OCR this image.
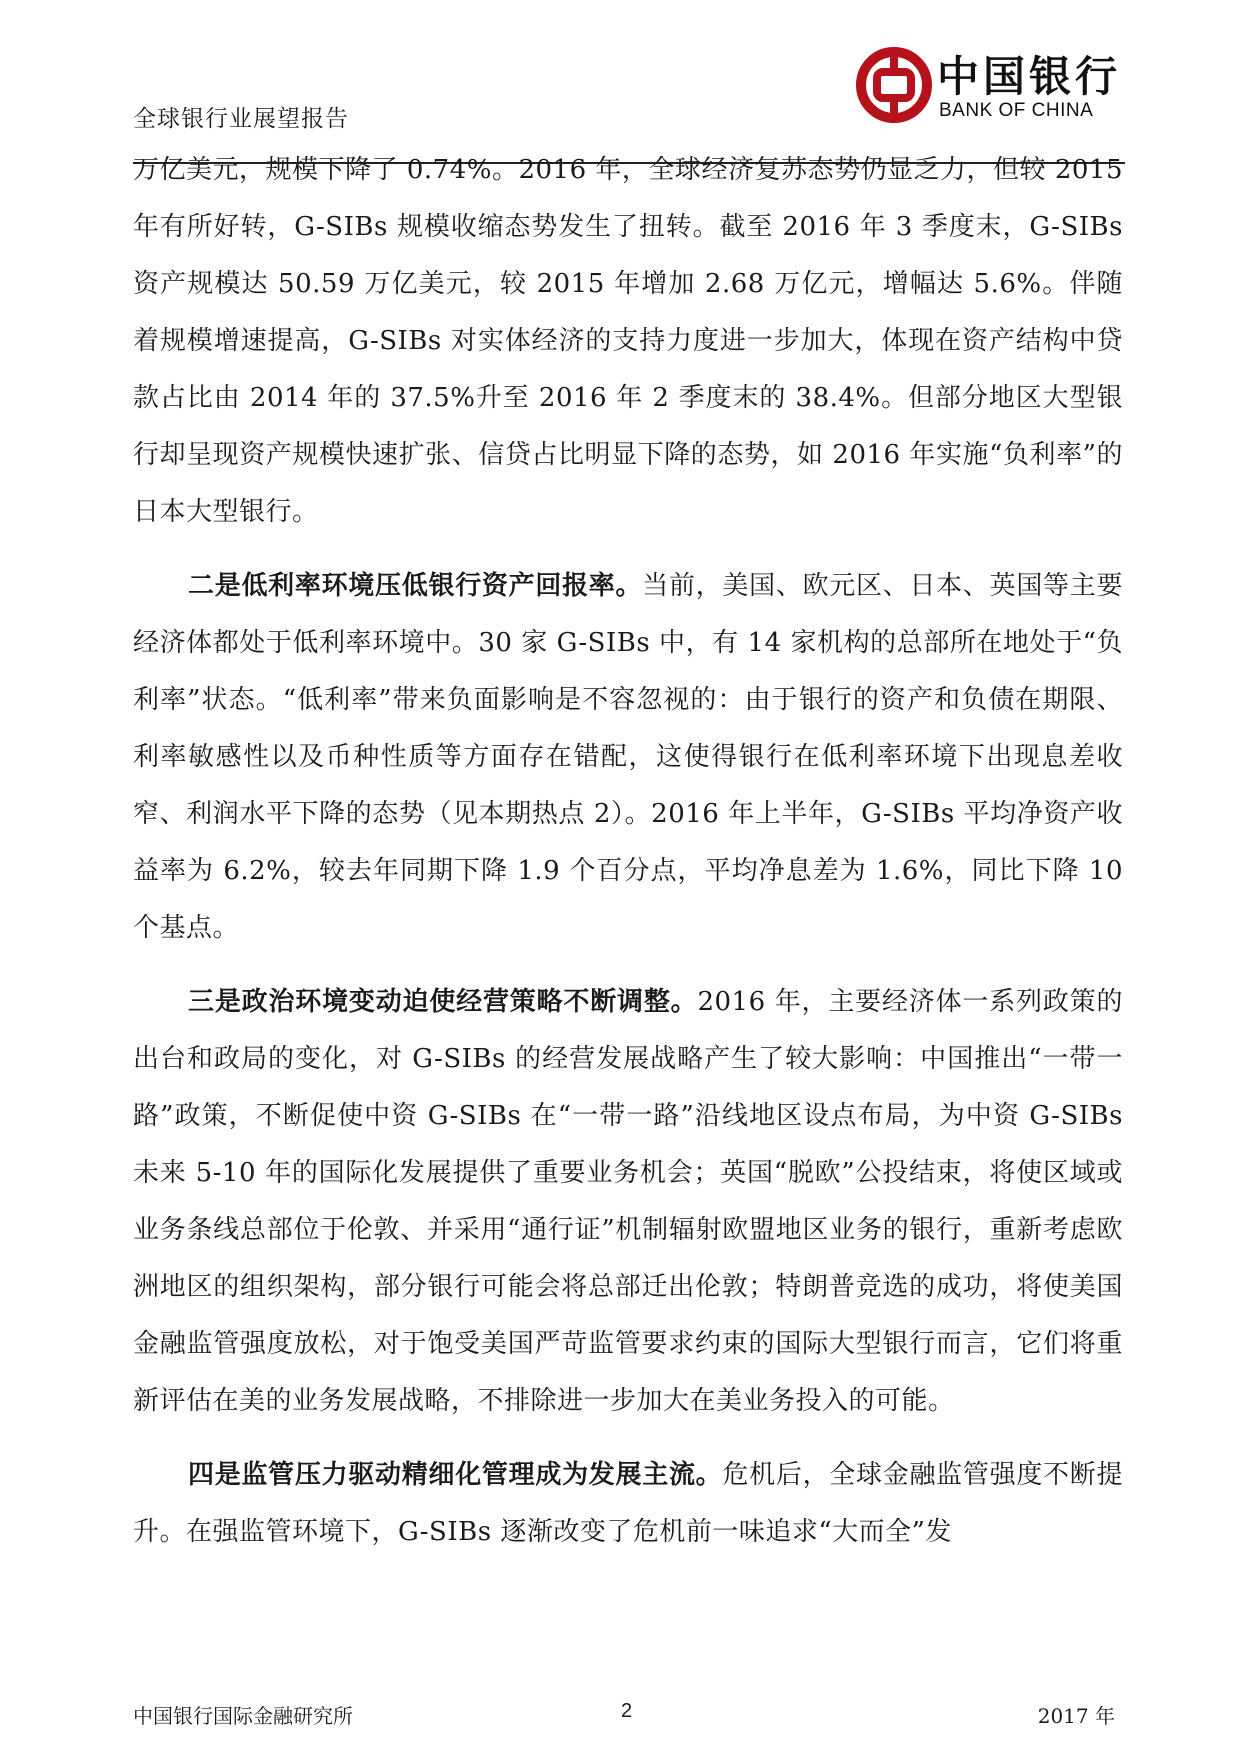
全球银行业展望报告
中国银行
BANK OF CHINA

万亿美元，规模下降了 0.74%。2016 年，全球经济复苏态势仍显乏力，但较 2015 年有所好转，G-SIBs 规模收缩态势发生了扭转。截至 2016 年 3 季度末，G-SIBs 资产规模达 50.59 万亿美元，较 2015 年增加 2.68 万亿元，增幅达 5.6%。伴随着规模增速提高，G-SIBs 对实体经济的支持力度进一步加大，体现在资产结构中贷款占比由 2014 年的 37.5%升至 2016 年 2 季度末的 38.4%。但部分地区大型银行却呈现资产规模快速扩张、信贷占比明显下降的态势，如 2016 年实施“负利率”的日本大型银行。

二是低利率环境压低银行资产回报率。当前，美国、欧元区、日本、英国等主要经济体都处于低利率环境中。30 家 G-SIBs 中，有 14 家机构的总部所在地处于“负利率”状态。“低利率”带来负面影响是不容忽视的：由于银行的资产和负债在期限、利率敏感性以及币种性质等方面存在错配，这使得银行在低利率环境下出现息差收窄、利润水平下降的态势（见本期热点 2）。2016 年上半年，G-SIBs 平均净资产收益率为 6.2%，较去年同期下降 1.9 个百分点，平均净息差为 1.6%，同比下降 10 个基点。

三是政治环境变动迫使经营策略不断调整。2016 年，主要经济体一系列政策的出台和政局的变化，对 G-SIBs 的经营发展战略产生了较大影响：中国推出“一带一路”政策，不断促使中资 G-SIBs 在“一带一路”沿线地区设点布局，为中资 G-SIBs 未来 5-10 年的国际化发展提供了重要业务机会；英国“脱欧”公投结束，将使区域或业务条线总部位于伦敦、并采用“通行证”机制辐射欧盟地区业务的银行，重新考虑欧洲地区的组织架构，部分银行可能会将总部迁出伦敦；特朗普竞选的成功，将使美国金融监管强度放松，对于饱受美国严苛监管要求约束的国际大型银行而言，它们将重新评估在美的业务发展战略，不排除进一步加大在美业务投入的可能。

四是监管压力驱动精细化管理成为发展主流。危机后，全球金融监管强度不断提升。在强监管环境下，G-SIBs 逐渐改变了危机前一味追求“大而全”发

中国银行国际金融研究所	2	2017 年
